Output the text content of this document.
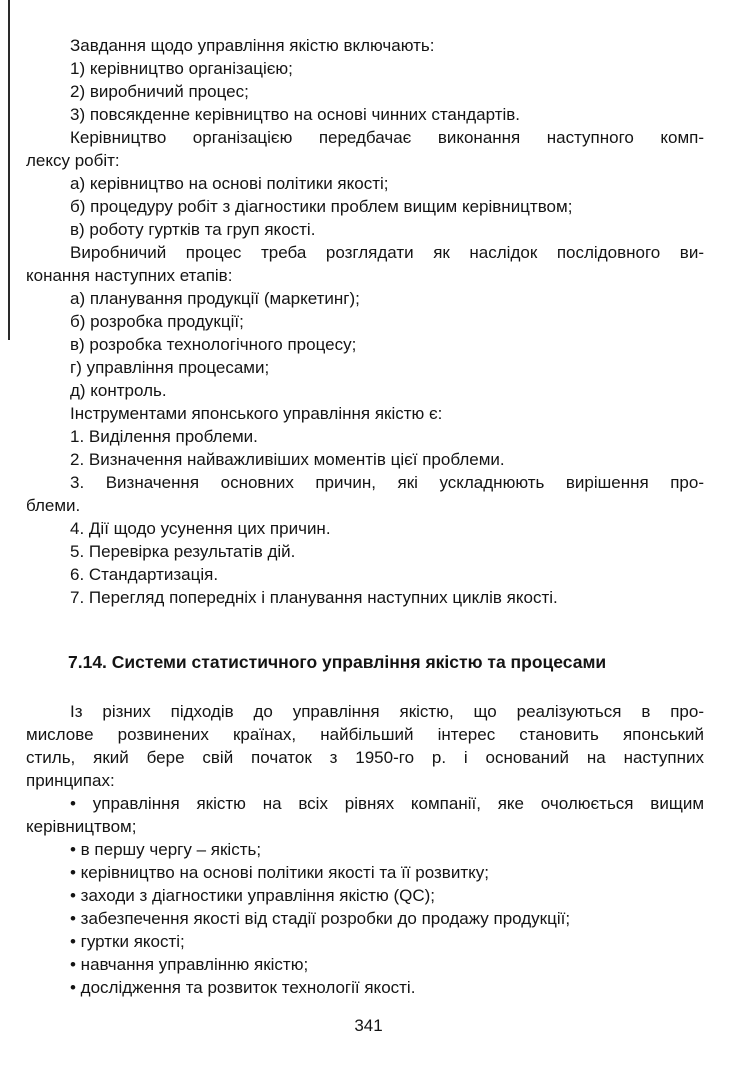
Завдання щодо управління якістю включають:
1) керівництво організацією;
2) виробничий процес;
3) повсякденне керівництво на основі чинних стандартів.
Керівництво організацією передбачає виконання наступного комп-
лексу робіт:
а) керівництво на основі політики якості;
б) процедуру робіт з діагностики проблем вищим керівництвом;
в) роботу гуртків та груп якості.
Виробничий процес треба розглядати як наслідок послідовного ви-
конання наступних етапів:
а) планування продукції (маркетинг);
б) розробка продукції;
в) розробка технологічного процесу;
г) управління процесами;
д) контроль.
Інструментами японського управління якістю є:
1. Виділення проблеми.
2. Визначення найважливіших моментів цієї проблеми.
3. Визначення основних причин, які ускладнюють вирішення про-
блеми.
4. Дії щодо усунення цих причин.
5. Перевірка результатів дій.
6. Стандартизація.
7. Перегляд попередніх і планування наступних циклів якості.
7.14. Системи статистичного управління якістю та процесами
Із різних підходів до управління якістю, що реалізуються в про-
мислове розвинених країнах, найбільший інтерес становить японський
стиль, який бере свій початок з 1950-го р. і оснований на наступних
принципах:
• управління якістю на всіх рівнях компанії, яке очолюється вищим
керівництвом;
• в першу чергу – якість;
• керівництво на основі політики якості та її розвитку;
• заходи з діагностики управління якістю (QC);
• забезпечення якості від стадії розробки до продажу продукції;
• гуртки якості;
• навчання управлінню якістю;
• дослідження та розвиток технології якості.
341
